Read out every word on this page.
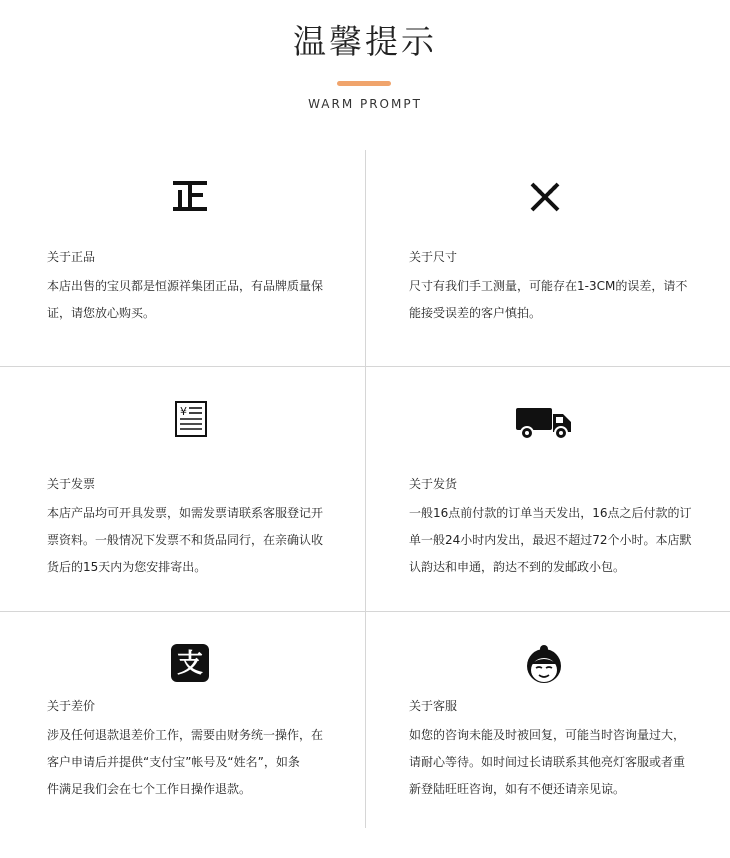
温馨提示
WARM PROMPT
关于正品
本店出售的宝贝都是恒源祥集团正品，有品牌质量保
证，请您放心购买。
关于尺寸
尺寸有我们手工测量，可能存在1-3CM的误差，请不
能接受误差的客户慎拍。
¥
支
关于发票
本店产品均可开具发票，如需发票请联系客服登记开
票资料。一般情况下发票不和货品同行，在亲确认收
货后的15天内为您安排寄出。
关于发货
一般16点前付款的订单当天发出，16点之后付款的订
单一般24小时内发出，最迟不超过72个小时。本店默
认韵达和申通，韵达不到的发邮政小包。
关于差价
涉及任何退款退差价工作，需要由财务统一操作，在
客户申请后并提供“支付宝”帐号及“姓名”，如条
件满足我们会在七个工作日操作退款。
关于客服
如您的咨询未能及时被回复，可能当时咨询量过大，
请耐心等待。如时间过长请联系其他亮灯客服或者重
新登陆旺旺咨询，如有不便还请亲见谅。
